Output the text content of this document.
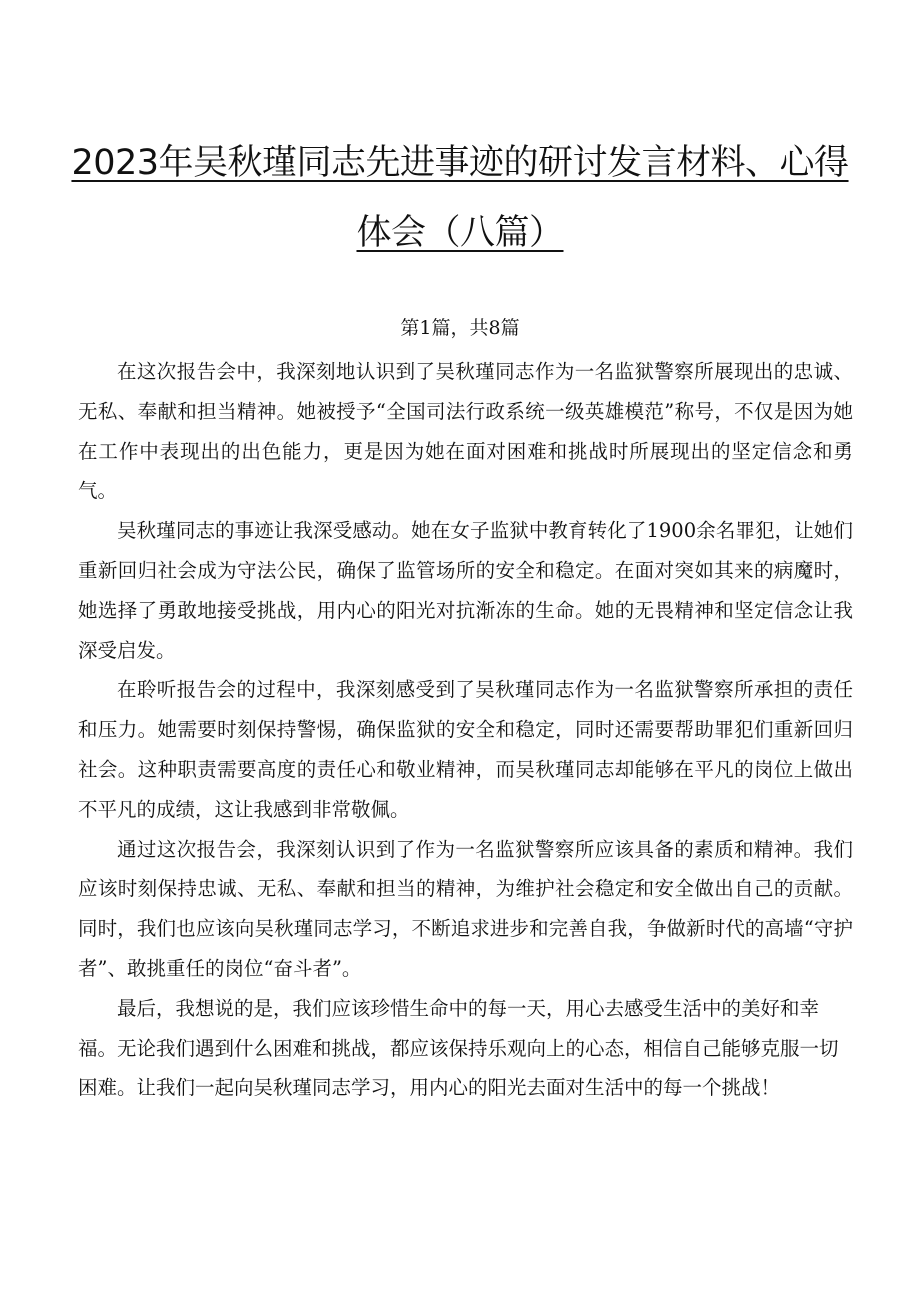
2023年吴秋瑾同志先进事迹的研讨发言材料、心得体会（八篇）
第1篇，共8篇

在这次报告会中，我深刻地认识到了吴秋瑾同志作为一名监狱警察所展现出的忠诚、无私、奉献和担当精神。她被授予“全国司法行政系统一级英雄模范”称号，不仅是因为她在工作中表现出的出色能力，更是因为她在面对困难和挑战时所展现出的坚定信念和勇气。

吴秋瑾同志的事迹让我深受感动。她在女子监狱中教育转化了1900余名罪犯，让她们重新回归社会成为守法公民，确保了监管场所的安全和稳定。在面对突如其来的病魔时，她选择了勇敢地接受挑战，用内心的阳光对抗渐冻的生命。她的无畏精神和坚定信念让我深受启发。

在聆听报告会的过程中，我深刻感受到了吴秋瑾同志作为一名监狱警察所承担的责任和压力。她需要时刻保持警惕，确保监狱的安全和稳定，同时还需要帮助罪犯们重新回归社会。这种职责需要高度的责任心和敬业精神，而吴秋瑾同志却能够在平凡的岗位上做出不平凡的成绩，这让我感到非常敬佩。

通过这次报告会，我深刻认识到了作为一名监狱警察所应该具备的素质和精神。我们应该时刻保持忠诚、无私、奉献和担当的精神，为维护社会稳定和安全做出自己的贡献。同时，我们也应该向吴秋瑾同志学习，不断追求进步和完善自我，争做新时代的高墙“守护者”、敢挑重任的岗位“奋斗者”。

最后，我想说的是，我们应该珍惜生命中的每一天，用心去感受生活中的美好和幸福。无论我们遇到什么困难和挑战，都应该保持乐观向上的心态，相信自己能够克服一切困难。让我们一起向吴秋瑾同志学习，用内心的阳光去面对生活中的每一个挑战！
